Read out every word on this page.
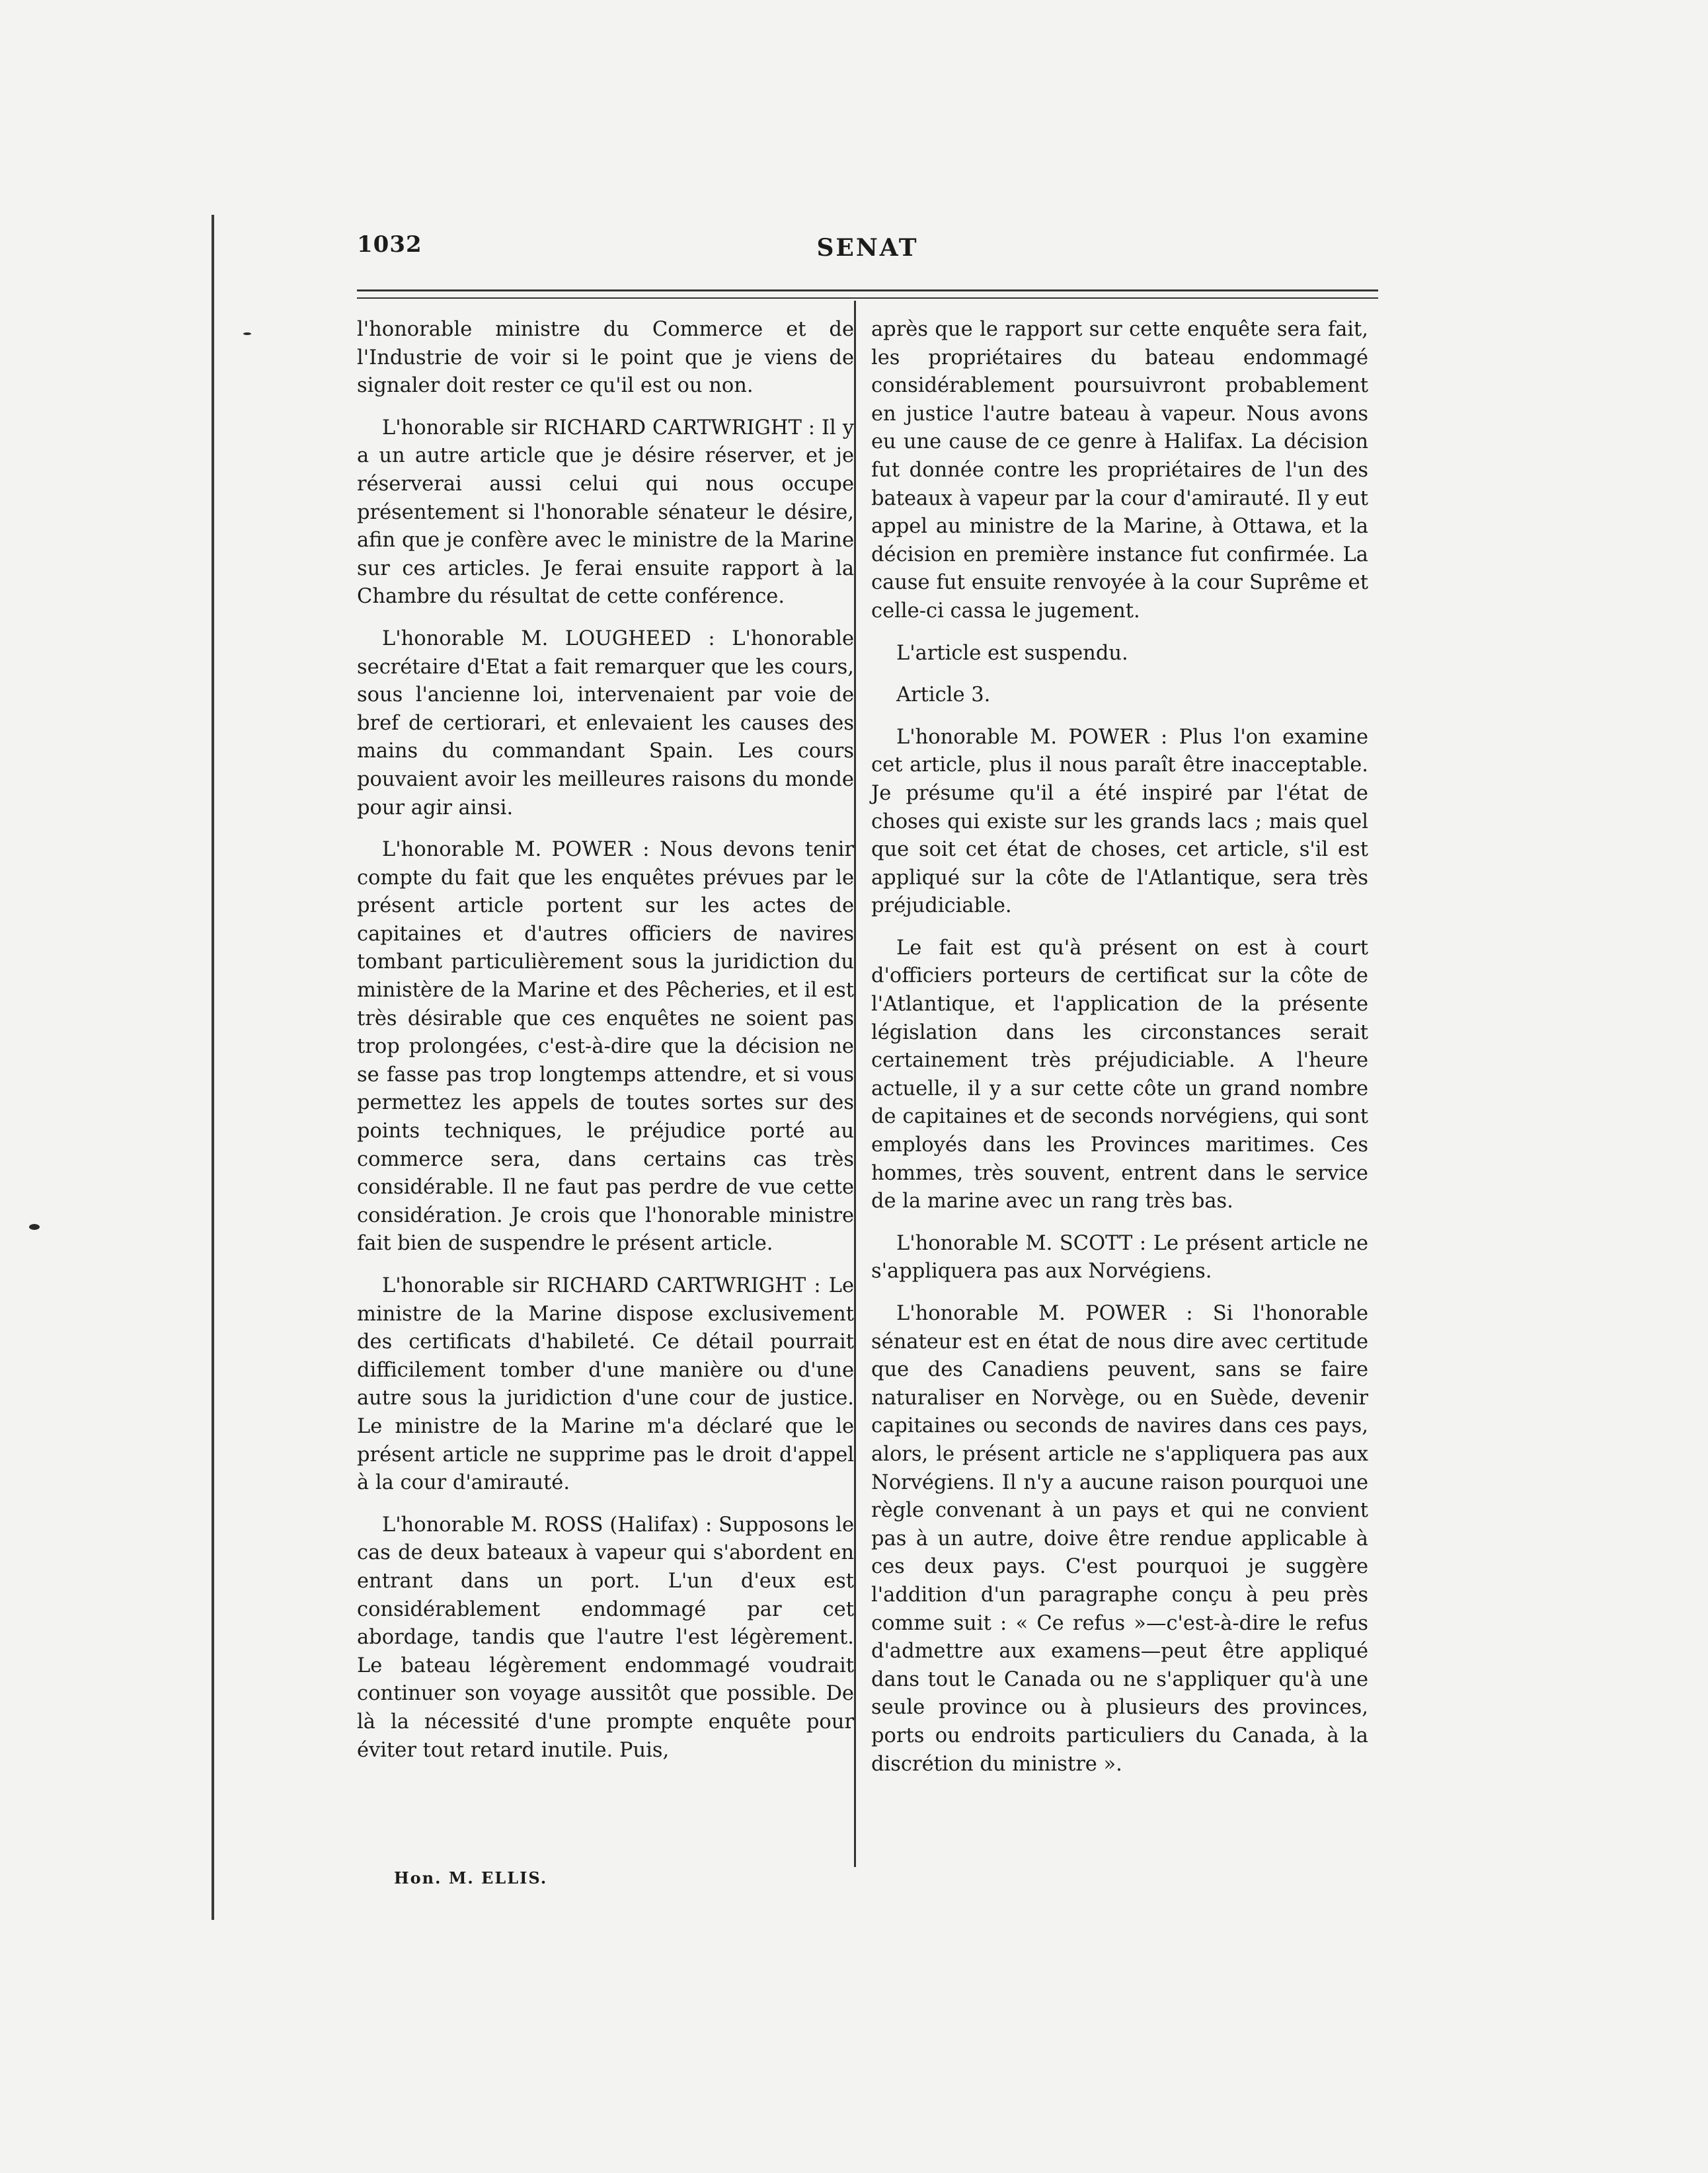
1032	SENAT

l'honorable ministre du Commerce et de l'Industrie de voir si le point que je viens de signaler doit rester ce qu'il est ou non.

L'honorable sir RICHARD CARTWRIGHT : Il y a un autre article que je désire réserver, et je réserverai aussi celui qui nous occupe présentement si l'honorable sénateur le désire, afin que je confère avec le ministre de la Marine sur ces articles. Je ferai ensuite rapport à la Chambre du résultat de cette conférence.

L'honorable M. LOUGHEED : L'honorable secrétaire d'Etat a fait remarquer que les cours, sous l'ancienne loi, intervenaient par voie de bref de certiorari, et enlevaient les causes des mains du commandant Spain. Les cours pouvaient avoir les meilleures raisons du monde pour agir ainsi.

L'honorable M. POWER : Nous devons tenir compte du fait que les enquêtes prévues par le présent article portent sur les actes de capitaines et d'autres officiers de navires tombant particulièrement sous la juridiction du ministère de la Marine et des Pêcheries, et il est très désirable que ces enquêtes ne soient pas trop prolongées, c'est-à-dire que la décision ne se fasse pas trop longtemps attendre, et si vous permettez les appels de toutes sortes sur des points techniques, le préjudice porté au commerce sera, dans certains cas très considérable. Il ne faut pas perdre de vue cette considération. Je crois que l'honorable ministre fait bien de suspendre le présent article.

L'honorable sir RICHARD CARTWRIGHT : Le ministre de la Marine dispose exclusivement des certificats d'habileté. Ce détail pourrait difficilement tomber d'une manière ou d'une autre sous la juridiction d'une cour de justice. Le ministre de la Marine m'a déclaré que le présent article ne supprime pas le droit d'appel à la cour d'amirauté.

L'honorable M. ROSS (Halifax) : Supposons le cas de deux bateaux à vapeur qui s'abordent en entrant dans un port. L'un d'eux est considérablement endommagé par cet abordage, tandis que l'autre l'est légèrement. Le bateau légèrement endommagé voudrait continuer son voyage aussitôt que possible. De là la nécessité d'une prompte enquête pour éviter tout retard inutile. Puis,

après que le rapport sur cette enquête sera fait, les propriétaires du bateau endommagé considérablement poursuivront probablement en justice l'autre bateau à vapeur. Nous avons eu une cause de ce genre à Halifax. La décision fut donnée contre les propriétaires de l'un des bateaux à vapeur par la cour d'amirauté. Il y eut appel au ministre de la Marine, à Ottawa, et la décision en première instance fut confirmée. La cause fut ensuite renvoyée à la cour Suprême et celle-ci cassa le jugement.

L'article est suspendu.

Article 3.

L'honorable M. POWER : Plus l'on examine cet article, plus il nous paraît être inacceptable. Je présume qu'il a été inspiré par l'état de choses qui existe sur les grands lacs ; mais quel que soit cet état de choses, cet article, s'il est appliqué sur la côte de l'Atlantique, sera très préjudiciable.

Le fait est qu'à présent on est à court d'officiers porteurs de certificat sur la côte de l'Atlantique, et l'application de la présente législation dans les circonstances serait certainement très préjudiciable. A l'heure actuelle, il y a sur cette côte un grand nombre de capitaines et de seconds norvégiens, qui sont employés dans les Provinces maritimes. Ces hommes, très souvent, entrent dans le service de la marine avec un rang très bas.

L'honorable M. SCOTT : Le présent article ne s'appliquera pas aux Norvégiens.

L'honorable M. POWER : Si l'honorable sénateur est en état de nous dire avec certitude que des Canadiens peuvent, sans se faire naturaliser en Norvège, ou en Suède, devenir capitaines ou seconds de navires dans ces pays, alors, le présent article ne s'appliquera pas aux Norvégiens. Il n'y a aucune raison pourquoi une règle convenant à un pays et qui ne convient pas à un autre, doive être rendue applicable à ces deux pays. C'est pourquoi je suggère l'addition d'un paragraphe conçu à peu près comme suit : « Ce refus »—c'est-à-dire le refus d'admettre aux examens—peut être appliqué dans tout le Canada ou ne s'appliquer qu'à une seule province ou à plusieurs des provinces, ports ou endroits particuliers du Canada, à la discrétion du ministre ».

Hon. M. ELLIS.
